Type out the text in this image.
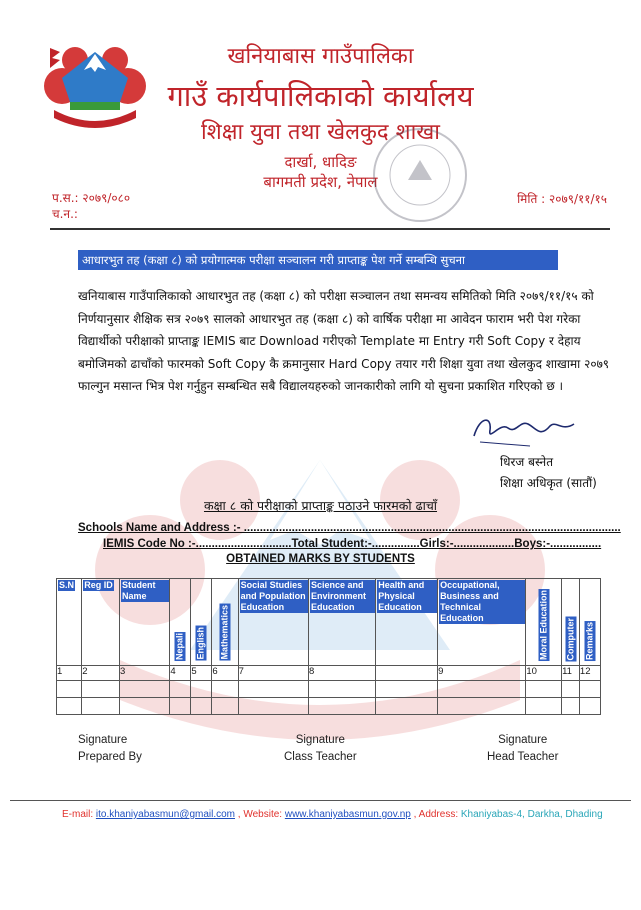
खनियाबास गाउँपालिका
गाउँ कार्यपालिकाको कार्यालय
शिक्षा युवा तथा खेलकुद शाखा
दार्खा, धादिङ
बागमती प्रदेश, नेपाल
प.स.: २०७९/०८०
च.न.:
मिति : २०७९/११/१५
आधारभुत तह (कक्षा ८) को प्रयोगात्मक परीक्षा सञ्चालन गरी प्राप्ताङ्क पेश गर्ने सम्बन्धि सुचना

खनियाबास गाउँपालिकाको आधारभुत तह (कक्षा ८) को परीक्षा सञ्चालन तथा समन्वय समितिको मिति २०७९/११/१५ को निर्णयानुसार शैक्षिक सत्र २०७९ सालको आधारभुत तह (कक्षा ८) को वार्षिक परीक्षा मा आवेदन फाराम भरी पेश गरेका विद्यार्थीको परीक्षाको प्राप्ताङ्क IEMIS बाट Download गरीएको Template मा Entry गरी Soft Copy र देहाय बमोजिमको ढाचाँको फारमको Soft Copy कै क्रमानुसार Hard Copy तयार गरी शिक्षा युवा तथा खेलकुद शाखामा २०७९ फाल्गुन मसान्त भित्र पेश गर्नुहुन सम्बन्धित सबै विद्यालयहरुको जानकारीको लागि यो सुचना प्रकाशित गरिएको छ ।

धिरज बस्नेत
शिक्षा अधिकृत (सातौं)
कक्षा ८ को परीक्षाको प्राप्ताङ्क पठाउने फारमको ढाचाँ
Schools Name and Address :- ......................................................................................................................
IEMIS Code No :-..............................Total Student:-...............Girls:-...................Boys:-................
OBTAINED MARKS BY STUDENTS
S.N	Reg ID	Student Name	Nepali	English	Mathematics	Social Studies and Population Education	Science and Environment Education	Health and Physical Education	Occupational, Business and Technical Education	Moral Education	Computer	Remarks

1	2	3	4	5	6	7	8		9	10	11	12

Signature
Prepared By
Signature
Class Teacher
Signature
Head Teacher
E-mail: ito.khaniyabasmun@gmail.com , Website: www.khaniyabasmun.gov.np , Address: Khaniyabas-4, Darkha, Dhading
